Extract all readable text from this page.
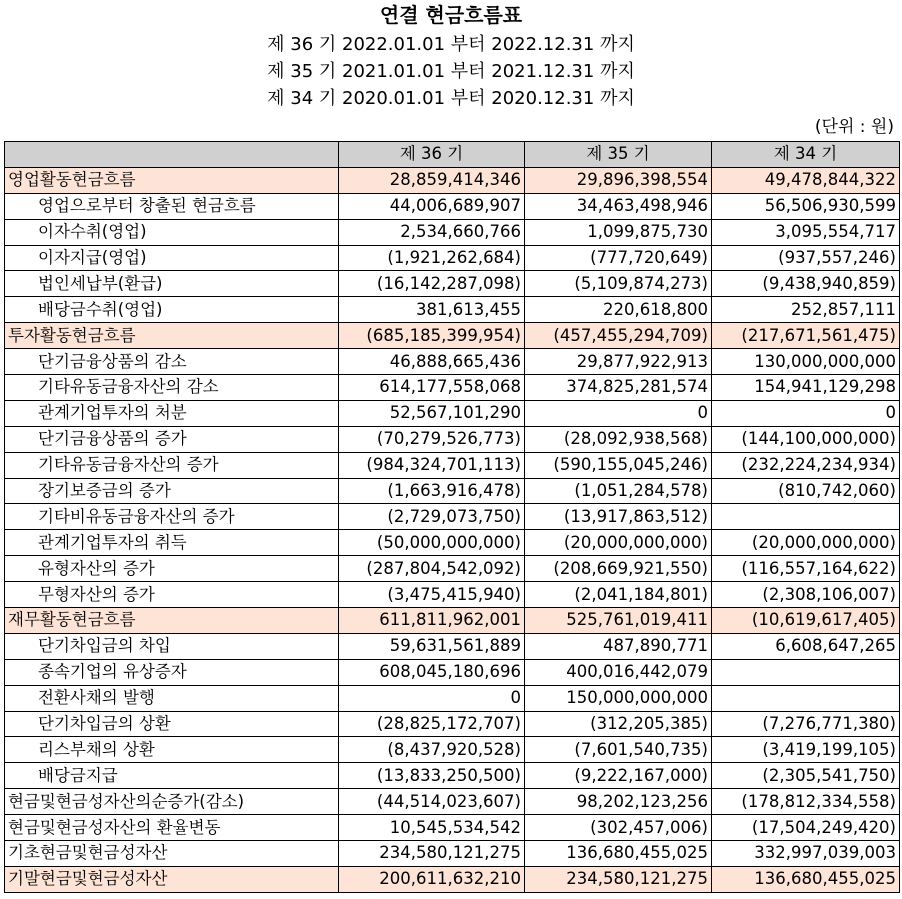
연결 현금흐름표
제 36 기 2022.01.01 부터 2022.12.31 까지
제 35 기 2021.01.01 부터 2021.12.31 까지
제 34 기 2020.01.01 부터 2020.12.31 까지
(단위 : 원)
	제 36 기	제 35 기	제 34 기
영업활동현금흐름	28,859,414,346	29,896,398,554	49,478,844,322
영업으로부터 창출된 현금흐름	44,006,689,907	34,463,498,946	56,506,930,599
이자수취(영업)	2,534,660,766	1,099,875,730	3,095,554,717
이자지급(영업)	(1,921,262,684)	(777,720,649)	(937,557,246)
법인세납부(환급)	(16,142,287,098)	(5,109,874,273)	(9,438,940,859)
배당금수취(영업)	381,613,455	220,618,800	252,857,111
투자활동현금흐름	(685,185,399,954)	(457,455,294,709)	(217,671,561,475)
단기금융상품의 감소	46,888,665,436	29,877,922,913	130,000,000,000
기타유동금융자산의 감소	614,177,558,068	374,825,281,574	154,941,129,298
관계기업투자의 처분	52,567,101,290	0	0
단기금융상품의 증가	(70,279,526,773)	(28,092,938,568)	(144,100,000,000)
기타유동금융자산의 증가	(984,324,701,113)	(590,155,045,246)	(232,224,234,934)
장기보증금의 증가	(1,663,916,478)	(1,051,284,578)	(810,742,060)
기타비유동금융자산의 증가	(2,729,073,750)	(13,917,863,512)	
관계기업투자의 취득	(50,000,000,000)	(20,000,000,000)	(20,000,000,000)
유형자산의 증가	(287,804,542,092)	(208,669,921,550)	(116,557,164,622)
무형자산의 증가	(3,475,415,940)	(2,041,184,801)	(2,308,106,007)
재무활동현금흐름	611,811,962,001	525,761,019,411	(10,619,617,405)
단기차입금의 차입	59,631,561,889	487,890,771	6,608,647,265
종속기업의 유상증자	608,045,180,696	400,016,442,079	
전환사채의 발행	0	150,000,000,000	
단기차입금의 상환	(28,825,172,707)	(312,205,385)	(7,276,771,380)
리스부채의 상환	(8,437,920,528)	(7,601,540,735)	(3,419,199,105)
배당금지급	(13,833,250,500)	(9,222,167,000)	(2,305,541,750)
현금및현금성자산의순증가(감소)	(44,514,023,607)	98,202,123,256	(178,812,334,558)
현금및현금성자산의 환율변동	10,545,534,542	(302,457,006)	(17,504,249,420)
기초현금및현금성자산	234,580,121,275	136,680,455,025	332,997,039,003
기말현금및현금성자산	200,611,632,210	234,580,121,275	136,680,455,025
